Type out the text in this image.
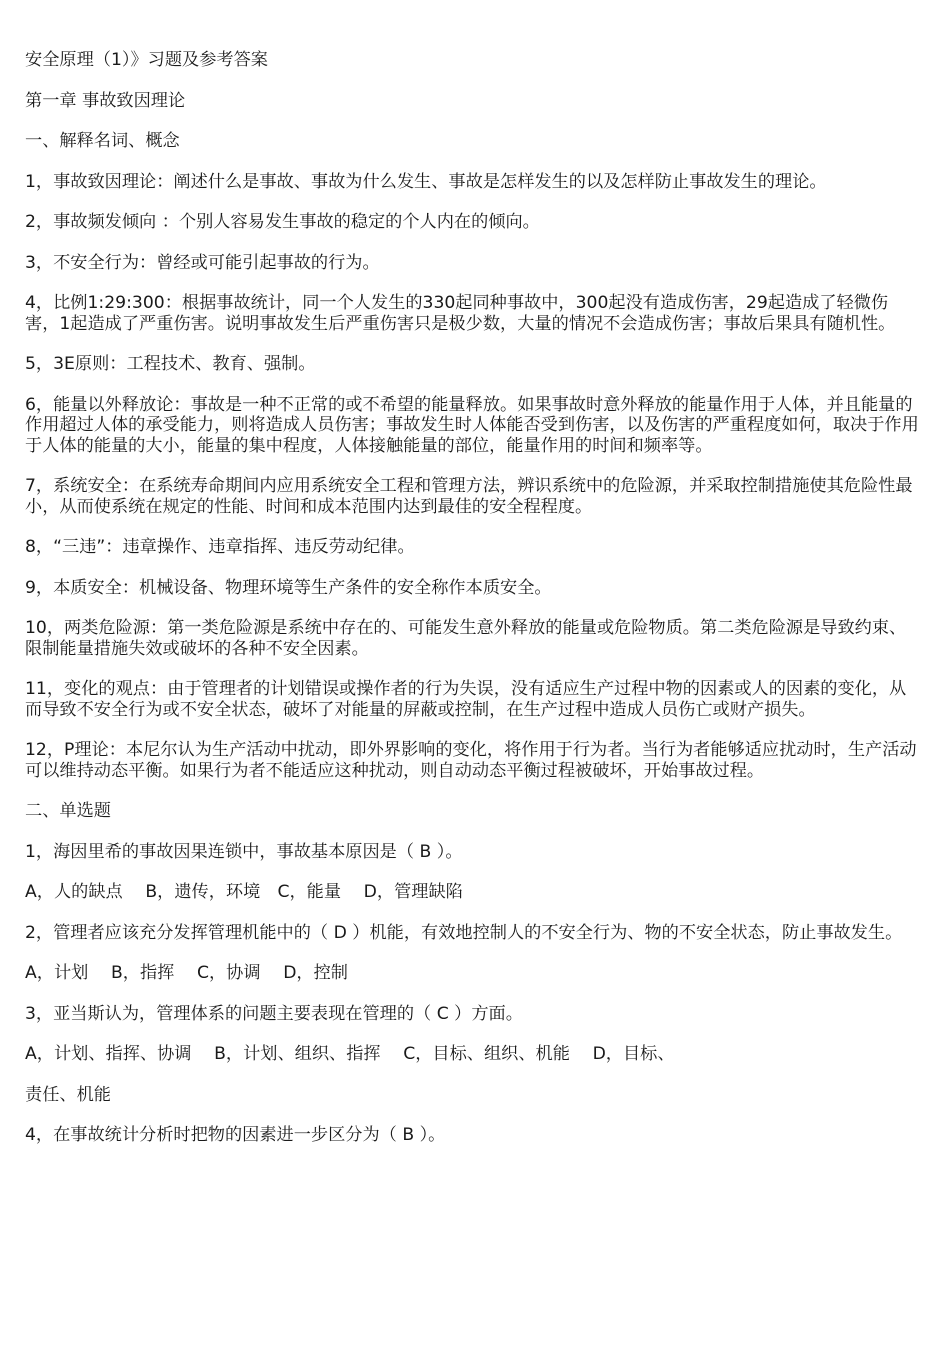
安全原理（1）》习题及参考答案
第一章 事故致因理论
一、解释名词、概念
1，事故致因理论：阐述什么是事故、事故为什么发生、事故是怎样发生的以及怎样防止事故发生的理论。
2，事故频发倾向 ：个别人容易发生事故的稳定的个人内在的倾向。
3，不安全行为：曾经或可能引起事故的行为。
4，比例1:29:300：根据事故统计，同一个人发生的330起同种事故中，300起没有造成伤害，29起造成了轻微伤害，1起造成了严重伤害。说明事故发生后严重伤害只是极少数，大量的情况不会造成伤害；事故后果具有随机性。
5，3E原则：工程技术、教育、强制。
6，能量以外释放论：事故是一种不正常的或不希望的能量释放。如果事故时意外释放的能量作用于人体，并且能量的作用超过人体的承受能力，则将造成人员伤害；事故发生时人体能否受到伤害，以及伤害的严重程度如何，取决于作用于人体的能量的大小，能量的集中程度，人体接触能量的部位，能量作用的时间和频率等。
7，系统安全：在系统寿命期间内应用系统安全工程和管理方法，辨识系统中的危险源，并采取控制措施使其危险性最小，从而使系统在规定的性能、时间和成本范围内达到最佳的安全程程度。
8，“三违”：违章操作、违章指挥、违反劳动纪律。
9，本质安全：机械设备、物理环境等生产条件的安全称作本质安全。
10，两类危险源：第一类危险源是系统中存在的、可能发生意外释放的能量或危险物质。第二类危险源是导致约束、限制能量措施失效或破坏的各种不安全因素。
11，变化的观点：由于管理者的计划错误或操作者的行为失误，没有适应生产过程中物的因素或人的因素的变化，从而导致不安全行为或不安全状态，破坏了对能量的屏蔽或控制，在生产过程中造成人员伤亡或财产损失。
12，P理论：本尼尔认为生产活动中扰动，即外界影响的变化，将作用于行为者。当行为者能够适应扰动时，生产活动可以维持动态平衡。如果行为者不能适应这种扰动，则自动动态平衡过程被破坏，开始事故过程。
二、单选题
1，海因里希的事故因果连锁中，事故基本原因是（ B ）。
A，人的缺点　 B，遗传，环境　C，能量　 D，管理缺陷
2，管理者应该充分发挥管理机能中的（ D ）机能，有效地控制人的不安全行为、物的不安全状态，防止事故发生。
A，计划　 B，指挥　 C，协调　 D，控制
3，亚当斯认为，管理体系的问题主要表现在管理的（ C ）方面。
A，计划、指挥、协调　 B，计划、组织、指挥　 C，目标、组织、机能　 D，目标、
责任、机能
4，在事故统计分析时把物的因素进一步区分为（ B ）。
